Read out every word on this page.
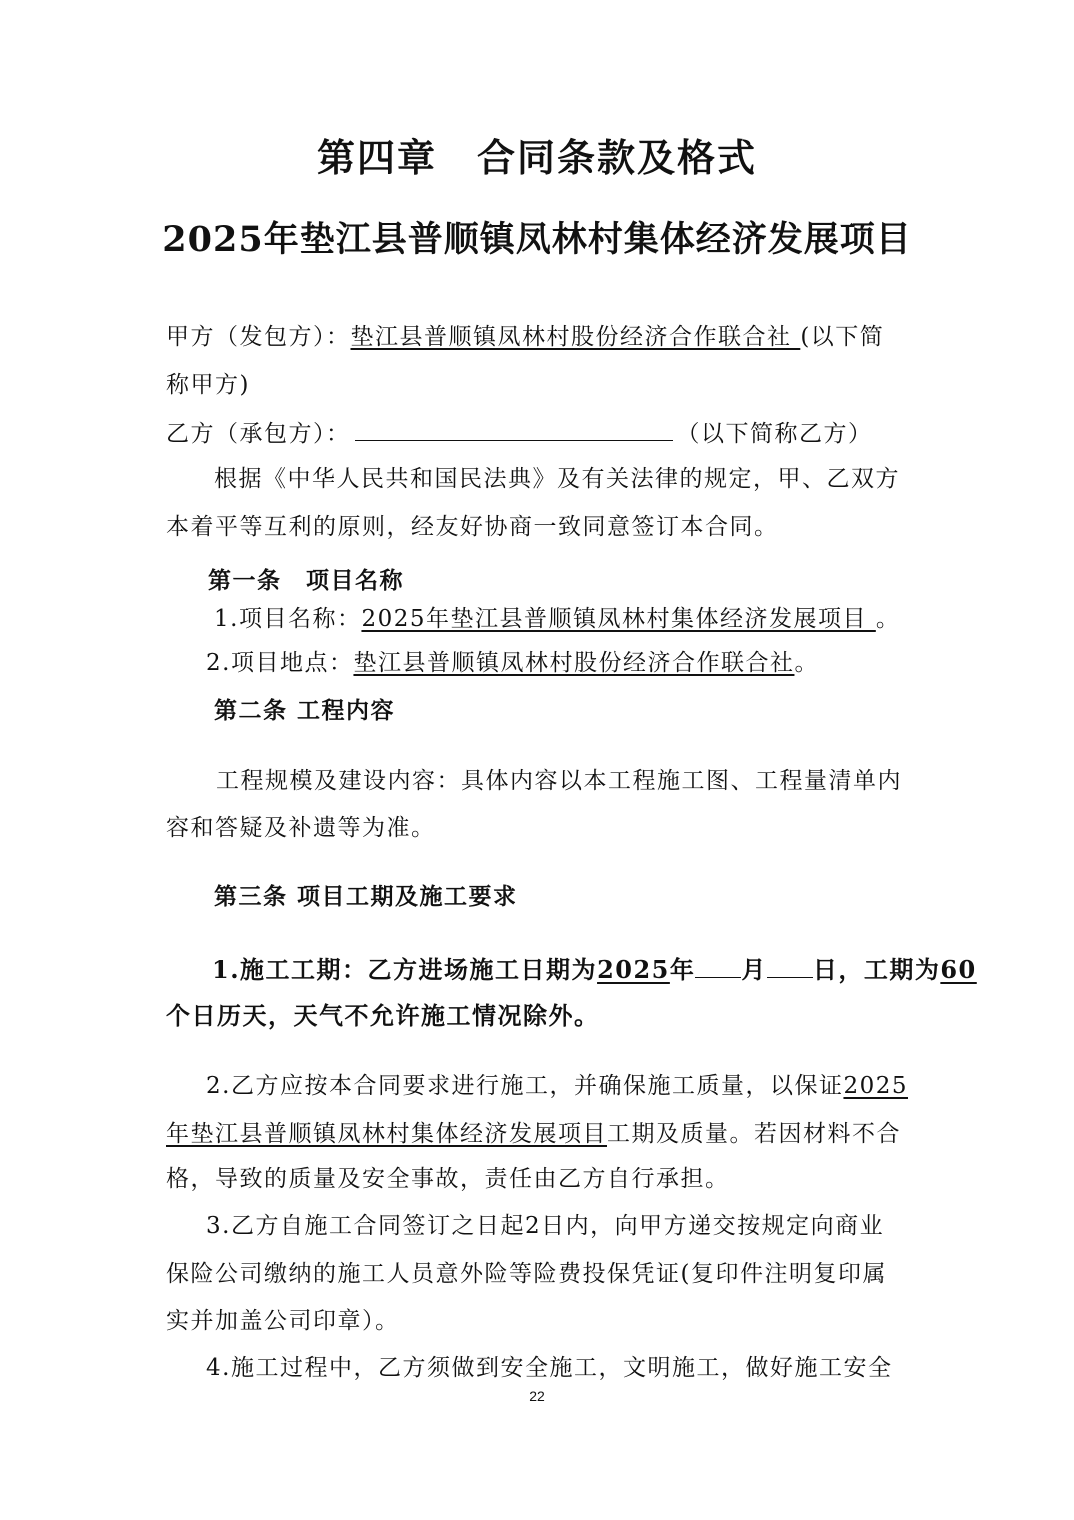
第四章　合同条款及格式
2025年垫江县普顺镇凤林村集体经济发展项目
甲方（发包方）：垫江县普顺镇凤林村股份经济合作联合社 (以下简
称甲方)
乙方（承包方）：	（以下简称乙方）
根据《中华人民共和国民法典》及有关法律的规定，甲、乙双方
本着平等互利的原则，经友好协商一致同意签订本合同。
第一条　项目名称
1.项目名称：2025年垫江县普顺镇凤林村集体经济发展项目 。
2.项目地点：垫江县普顺镇凤林村股份经济合作联合社。
第二条 工程内容
工程规模及建设内容：具体内容以本工程施工图、工程量清单内
容和答疑及补遗等为准。
第三条 项目工期及施工要求
1.施工工期：乙方进场施工日期为2025年 月 日，工期为60
个日历天，天气不允许施工情况除外。
2.乙方应按本合同要求进行施工，并确保施工质量，以保证2025
年垫江县普顺镇凤林村集体经济发展项目工期及质量。若因材料不合
格，导致的质量及安全事故，责任由乙方自行承担。
3.乙方自施工合同签订之日起2日内，向甲方递交按规定向商业
保险公司缴纳的施工人员意外险等险费投保凭证(复印件注明复印属
实并加盖公司印章）。
4.施工过程中，乙方须做到安全施工，文明施工，做好施工安全
22
